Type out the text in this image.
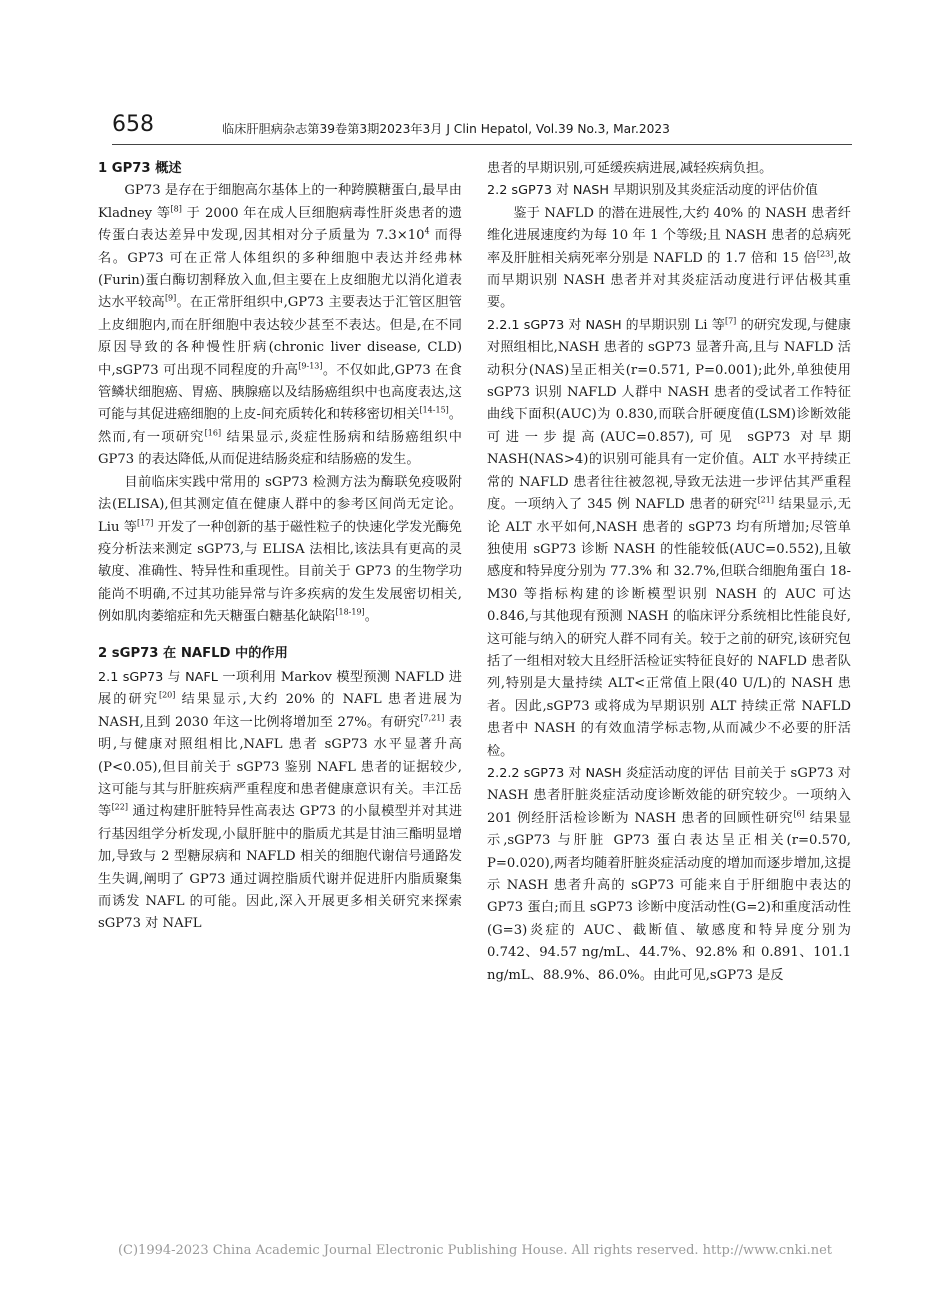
658	临床肝胆病杂志第39卷第3期2023年3月 J Clin Hepatol, Vol.39 No.3, Mar.2023

1 GP73 概述

GP73 是存在于细胞高尔基体上的一种跨膜糖蛋白,最早由 Kladney 等[8] 于 2000 年在成人巨细胞病毒性肝炎患者的遗传蛋白表达差异中发现,因其相对分子质量为 $7.3\times 10^4$ 而得名。GP73 可在正常人体组织的多种细胞中表达并经弗林(Furin)蛋白酶切割释放入血,但主要在上皮细胞尤以消化道表达水平较高[9]。在正常肝组织中,GP73 主要表达于汇管区胆管上皮细胞内,而在肝细胞中表达较少甚至不表达。但是,在不同原因导致的各种慢性肝病(chronic liver disease, CLD)中,sGP73 可出现不同程度的升高[9-13]。不仅如此,GP73 在食管鳞状细胞癌、胃癌、胰腺癌以及结肠癌组织中也高度表达,这可能与其促进癌细胞的上皮-间充质转化和转移密切相关[14-15]。然而,有一项研究[16] 结果显示,炎症性肠病和结肠癌组织中 GP73 的表达降低,从而促进结肠炎症和结肠癌的发生。

目前临床实践中常用的 sGP73 检测方法为酶联免疫吸附法(ELISA),但其测定值在健康人群中的参考区间尚无定论。Liu 等[17] 开发了一种创新的基于磁性粒子的快速化学发光酶免疫分析法来测定 sGP73,与 ELISA 法相比,该法具有更高的灵敏度、准确性、特异性和重现性。目前关于 GP73 的生物学功能尚不明确,不过其功能异常与许多疾病的发生发展密切相关,例如肌肉萎缩症和先天糖蛋白糖基化缺陷[18-19]。

2 sGP73 在 NAFLD 中的作用

2.1 sGP73 与 NAFL 一项利用 Markov 模型预测 NAFLD 进展的研究[20] 结果显示,大约 20% 的 NAFL 患者进展为 NASH,且到 2030 年这一比例将增加至 27%。有研究[7,21] 表明,与健康对照组相比,NAFL 患者 sGP73 水平显著升高(P<0.05),但目前关于 sGP73 鉴别 NAFL 患者的证据较少,这可能与其与肝脏疾病严重程度和患者健康意识有关。丰江岳等[22] 通过构建肝脏特异性高表达 GP73 的小鼠模型并对其进行基因组学分析发现,小鼠肝脏中的脂质尤其是甘油三酯明显增加,导致与 2 型糖尿病和 NAFLD 相关的细胞代谢信号通路发生失调,阐明了 GP73 通过调控脂质代谢并促进肝内脂质聚集而诱发 NAFL 的可能。因此,深入开展更多相关研究来探索 sGP73 对 NAFL

患者的早期识别,可延缓疾病进展,减轻疾病负担。

2.2 sGP73 对 NASH 早期识别及其炎症活动度的评估价值

鉴于 NAFLD 的潜在进展性,大约 40% 的 NASH 患者纤维化进展速度约为每 10 年 1 个等级;且 NASH 患者的总病死率及肝脏相关病死率分别是 NAFLD 的 1.7 倍和 15 倍[23],故而早期识别 NASH 患者并对其炎症活动度进行评估极其重要。

2.2.1 sGP73 对 NASH 的早期识别 Li 等[7] 的研究发现,与健康对照组相比,NASH 患者的 sGP73 显著升高,且与 NAFLD 活动积分(NAS)呈正相关(r=0.571, P=0.001);此外,单独使用 sGP73 识别 NAFLD 人群中 NASH 患者的受试者工作特征曲线下面积(AUC)为 0.830,而联合肝硬度值(LSM)诊断效能可进一步提高(AUC=0.857),可见 sGP73 对早期 NASH(NAS>4)的识别可能具有一定价值。ALT 水平持续正常的 NAFLD 患者往往被忽视,导致无法进一步评估其严重程度。一项纳入了 345 例 NAFLD 患者的研究[21] 结果显示,无论 ALT 水平如何,NASH 患者的 sGP73 均有所增加;尽管单独使用 sGP73 诊断 NASH 的性能较低(AUC=0.552),且敏感度和特异度分别为 77.3% 和 32.7%,但联合细胞角蛋白 18-M30 等指标构建的诊断模型识别 NASH 的 AUC 可达 0.846,与其他现有预测 NASH 的临床评分系统相比性能良好,这可能与纳入的研究人群不同有关。较于之前的研究,该研究包括了一组相对较大且经肝活检证实特征良好的 NAFLD 患者队列,特别是大量持续 ALT<正常值上限(40 U/L)的 NASH 患者。因此,sGP73 或将成为早期识别 ALT 持续正常 NAFLD 患者中 NASH 的有效血清学标志物,从而减少不必要的肝活检。

2.2.2 sGP73 对 NASH 炎症活动度的评估 目前关于 sGP73 对 NASH 患者肝脏炎症活动度诊断效能的研究较少。一项纳入 201 例经肝活检诊断为 NASH 患者的回顾性研究[6] 结果显示,sGP73 与肝脏 GP73 蛋白表达呈正相关(r=0.570, P=0.020),两者均随着肝脏炎症活动度的增加而逐步增加,这提示 NASH 患者升高的 sGP73 可能来自于肝细胞中表达的 GP73 蛋白;而且 sGP73 诊断中度活动性(G=2)和重度活动性(G=3)炎症的 AUC、截断值、敏感度和特异度分别为 0.742、94.57 ng/mL、44.7%、92.8% 和 0.891、101.1 ng/mL、88.9%、86.0%。由此可见,sGP73 是反

(C)1994-2023 China Academic Journal Electronic Publishing House. All rights reserved. http://www.cnki.net
